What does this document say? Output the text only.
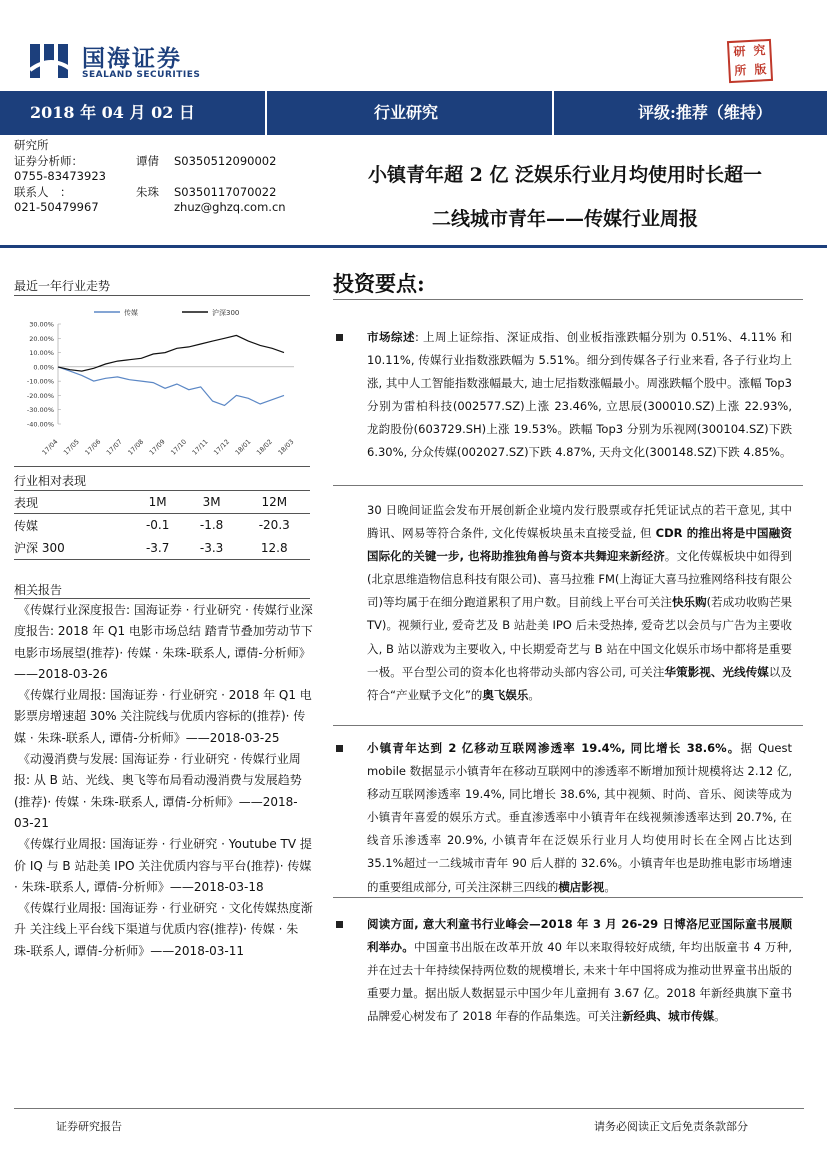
国海证券
SEALAND SECURITIES
研 究
所 版
2018 年 04 月 02 日	行业研究	评级:推荐（维持）
研究所
证券分析师：	谭倩 S0350512090002
0755-83473923
联系人　：	朱珠 S0350117070022
021-50479967	zhuz@ghzq.com.cn
小镇青年超 2 亿 泛娱乐行业月均使用时长超一
二线城市青年——传媒行业周报
最近一年行业走势
传媒	沪深300
30.00%
20.00%
10.00%
0.00%
-10.00%
-20.00%
-30.00%
-40.00%
17/04 17/05 17/06 17/07 17/08 17/09 17/10 17/11 17/12 18/01 18/02 18/03
行业相对表现
表现	1M	3M	12M
传媒	-0.1	-1.8	-20.3
沪深 300	-3.7	-3.3	12.8
相关报告

《传媒行业深度报告: 国海证券 · 行业研究 · 传媒行业深度报告: 2018 年 Q1 电影市场总结 踏青节叠加劳动节下电影市场展望(推荐)· 传媒 · 朱珠-联系人, 谭倩-分析师》——2018-03-26

《传媒行业周报: 国海证券 · 行业研究 · 2018 年 Q1 电影票房增速超 30% 关注院线与优质内容标的(推荐)· 传媒 · 朱珠-联系人, 谭倩-分析师》——2018-03-25

《动漫消费与发展: 国海证券 · 行业研究 · 传媒行业周报: 从 B 站、光线、奥飞等布局看动漫消费与发展趋势(推荐)· 传媒 · 朱珠-联系人, 谭倩-分析师》——2018-03-21

《传媒行业周报: 国海证券 · 行业研究 · Youtube TV 提价 IQ 与 B 站赴美 IPO 关注优质内容与平台(推荐)· 传媒 · 朱珠-联系人, 谭倩-分析师》——2018-03-18

《传媒行业周报: 国海证券 · 行业研究 · 文化传媒热度渐升 关注线上平台线下渠道与优质内容(推荐)· 传媒 · 朱珠-联系人, 谭倩-分析师》——2018-03-11

投资要点:
市场综述: 上周上证综指、深证成指、创业板指涨跌幅分别为 0.51%、4.11% 和 10.11%, 传媒行业指数涨跌幅为 5.51%。细分到传媒各子行业来看, 各子行业均上涨, 其中人工智能指数涨幅最大, 迪士尼指数涨幅最小。周涨跌幅个股中。涨幅 Top3 分别为雷柏科技(002577.SZ)上涨 23.46%, 立思辰(300010.SZ)上涨 22.93%, 龙韵股份(603729.SH)上涨 19.53%。跌幅 Top3 分别为乐视网(300104.SZ)下跌 6.30%, 分众传媒(002027.SZ)下跌 4.87%, 天舟文化(300148.SZ)下跌 4.85%。
30 日晚间证监会发布开展创新企业境内发行股票或存托凭证试点的若干意见, 其中腾讯、网易等符合条件, 文化传媒板块虽未直接受益, 但 CDR 的推出将是中国融资国际化的关键一步, 也将助推独角兽与资本共舞迎来新经济。文化传媒板块中如得到(北京思维造物信息科技有限公司)、喜马拉雅 FM(上海证大喜马拉雅网络科技有限公司)等均属于在细分跑道累积了用户数。目前线上平台可关注快乐购(若成功收购芒果 TV)。视频行业, 爱奇艺及 B 站赴美 IPO 后未受热捧, 爱奇艺以会员与广告为主要收入, B 站以游戏为主要收入, 中长期爱奇艺与 B 站在中国文化娱乐市场中都将是重要一极。平台型公司的资本化也将带动头部内容公司, 可关注华策影视、光线传媒以及符合“产业赋予文化”的奥飞娱乐。
小镇青年达到 2 亿移动互联网渗透率 19.4%, 同比增长 38.6%。据 Quest mobile 数据显示小镇青年在移动互联网中的渗透率不断增加预计规模将达 2.12 亿, 移动互联网渗透率 19.4%, 同比增长 38.6%, 其中视频、时尚、音乐、阅读等成为小镇青年喜爱的娱乐方式。垂直渗透率中小镇青年在线视频渗透率达到 20.7%, 在线音乐渗透率 20.9%, 小镇青年在泛娱乐行业月人均使用时长在全网占比达到 35.1%超过一二线城市青年 90 后人群的 32.6%。小镇青年也是助推电影市场增速的重要组成部分, 可关注深耕三四线的横店影视。
阅读方面, 意大利童书行业峰会—2018 年 3 月 26-29 日博洛尼亚国际童书展顺利举办。中国童书出版在改革开放 40 年以来取得较好成绩, 年均出版童书 4 万种, 并在过去十年持续保持两位数的规模增长, 未来十年中国将成为推动世界童书出版的重要力量。据出版人数据显示中国少年儿童拥有 3.67 亿。2018 年新经典旗下童书品牌爱心树发布了 2018 年春的作品集选。可关注新经典、城市传媒。
证券研究报告	请务必阅读正文后免责条款部分
